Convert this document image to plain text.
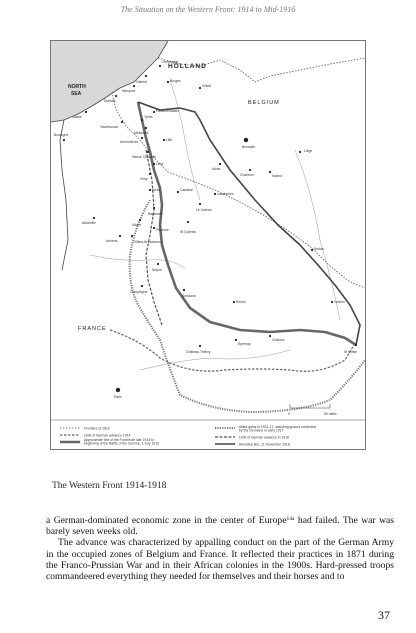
The Situation on the Western Front: 1914 to Mid-1916
NORTH
SEA
HOLLAND
BELGIUM
FRANCE
Zeebrugge
Ostend	Bruges
Ghent
Nieuport
Dunkirk
Calais	Ypres
Hazebrouck
Passchendaele
Messines
Armentières	Lille
Neuve Chapelle
Boulogne
Lens
Vimy
Arras	Cambrai
Le Cateau
Landrecies
Bapaume
Albert
Amiens	Villers-Bretonneux
Péronne	St Quentin
Noyon
Compiègne
Soissons
Reims
Château-Thierry
Épernay
Châlons
Verdun
St Mihiel
Sedan
Charleroi
Mons
Namur
Liège
Brussels
Paris
Abbeville
0	50 miles
Frontiers of 1914
Limit of German advance 1914
Approximate line of the Front from late 1914 to beginning of the Battle of the Somme, 1 July 1916
Allied gains in 1914-17, including ground conceded by the Germans in early 1917
Limit of German advance in 1918
Armistice line, 11 November 1918
The Western Front 1914-1918

a German-dominated economic zone in the center of Europe$^{14a}$ had failed. The war was barely seven weeks old.

The advance was characterized by appalling conduct on the part of the German Army in the occupied zones of Belgium and France. It reflected their practices in 1871 during the Franco-Prussian War and in their African colonies in the 1900s. Hard-pressed troops commandeered everything they needed for themselves and their horses and to

37
